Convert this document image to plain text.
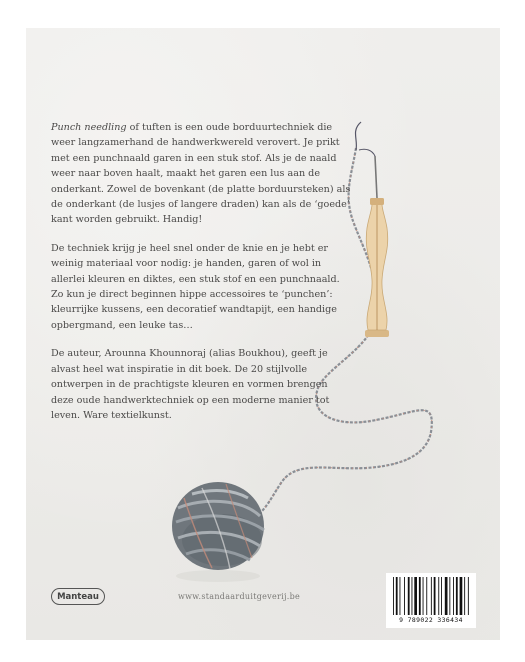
Punch needling of tuften is een oude borduurtechniek die weer langzamerhand de handwerkwereld verovert. Je prikt met een punchnaald garen in een stuk stof. Als je de naald weer naar boven haalt, maakt het garen een lus aan de onderkant. Zowel de bovenkant (de platte borduursteken) als de onderkant (de lusjes of langere draden) kan als de ‘goede’ kant worden gebruikt. Handig!

De techniek krijg je heel snel onder de knie en je hebt er weinig materiaal voor nodig: je handen, garen of wol in allerlei kleuren en diktes, een stuk stof en een punchnaald. Zo kun je direct beginnen hippe accessoires te ‘punchen’: kleurrijke kussens, een decoratief wandtapijt, een handige opbergmand, een leuke tas…

De auteur, Arounna Khounnoraj (alias Boukhou), geeft je alvast heel wat inspiratie in dit boek. De 20 stijlvolle ontwerpen in de prachtigste kleuren en vormen brengen deze oude handwerktechniek op een moderne manier tot leven. Ware textielkunst.

Manteau	www.standaarduitgeverij.be
9 789022 336434
